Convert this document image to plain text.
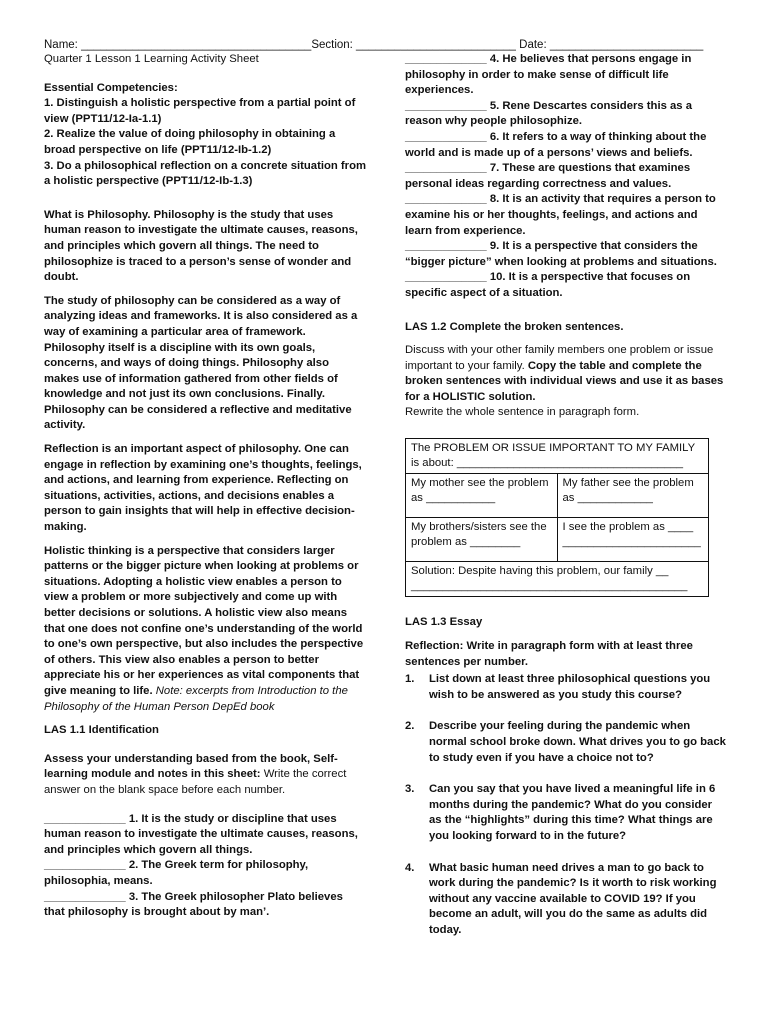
Name: ____________________________________Section: _________________________ Date: ________________________

Quarter 1 Lesson 1 Learning Activity Sheet

Essential Competencies:

1. Distinguish a holistic perspective from a partial point of view (PPT11/12-Ia-1.1)

2. Realize the value of doing philosophy in obtaining a broad perspective on life (PPT11/12-Ib-1.2)

3. Do a philosophical reflection on a concrete situation from a holistic perspective (PPT11/12-Ib-1.3)

What is Philosophy. Philosophy is the study that uses human reason to investigate the ultimate causes, reasons, and principles which govern all things. The need to philosophize is traced to a person’s sense of wonder and doubt.

The study of philosophy can be considered as a way of analyzing ideas and frameworks. It is also considered as a way of examining a particular area of framework. Philosophy itself is a discipline with its own goals, concerns, and ways of doing things. Philosophy also makes use of information gathered from other fields of knowledge and not just its own conclusions. Finally. Philosophy can be considered a reflective and meditative activity.

Reflection is an important aspect of philosophy. One can engage in reflection by examining one’s thoughts, feelings, and actions, and learning from experience. Reflecting on situations, activities, actions, and decisions enables a person to gain insights that will help in effective decision-making.

Holistic thinking is a perspective that considers larger patterns or the bigger picture when looking at problems or situations. Adopting a holistic view enables a person to view a problem or more subjectively and come up with better decisions or solutions. A holistic view also means that one does not confine one’s understanding of the world to one’s own perspective, but also includes the perspective of others. This view also enables a person to better appreciate his or her experiences as vital components that give meaning to life. Note: excerpts from Introduction to the Philosophy of the Human Person DepEd book

LAS 1.1 Identification

Assess your understanding based from the book, Self-learning module and notes in this sheet: Write the correct answer on the blank space before each number.

_____________ 1. It is the study or discipline that uses human reason to investigate the ultimate causes, reasons, and principles which govern all things.

_____________ 2. The Greek term for philosophy, philosophia, means.

_____________ 3. The Greek philosopher Plato believes that philosophy is brought about by man’.

_____________ 4. He believes that persons engage in philosophy in order to make sense of difficult life experiences.

_____________ 5. Rene Descartes considers this as a reason why people philosophize.

_____________ 6. It refers to a way of thinking about the world and is made up of a persons’ views and beliefs.

_____________ 7. These are questions that examines personal ideas regarding correctness and values.

_____________ 8. It is an activity that requires a person to examine his or her thoughts, feelings, and actions and learn from experience.

_____________ 9. It is a perspective that considers the “bigger picture” when looking at problems and situations.

_____________ 10. It is a perspective that focuses on specific aspect of a situation.

LAS 1.2 Complete the broken sentences.

Discuss with your other family members one problem or issue important to your family. Copy the table and complete the broken sentences with individual views and use it as bases for a HOLISTIC solution.
Rewrite the whole sentence in paragraph form.

The PROBLEM OR ISSUE IMPORTANT TO MY FAMILY is about: ____________________________________	
My mother see the problem as ___________	My father see the problem as ____________
My brothers/sisters see the problem as ________	I see the problem as ____ ______________________
Solution: Despite having this problem, our family __ ____________________________________________	

LAS 1.3 Essay

Reflection: Write in paragraph form with at least three sentences per number.

1. List down at least three philosophical questions you wish to be answered as you study this course?
2. Describe your feeling during the pandemic when normal school broke down. What drives you to go back to study even if you have a choice not to?
3. Can you say that you have lived a meaningful life in 6 months during the pandemic? What do you consider as the “highlights” during this time? What things are you looking forward to in the future?
4. What basic human need drives a man to go back to work during the pandemic? Is it worth to risk working without any vaccine available to COVID 19? If you become an adult, will you do the same as adults did today.
